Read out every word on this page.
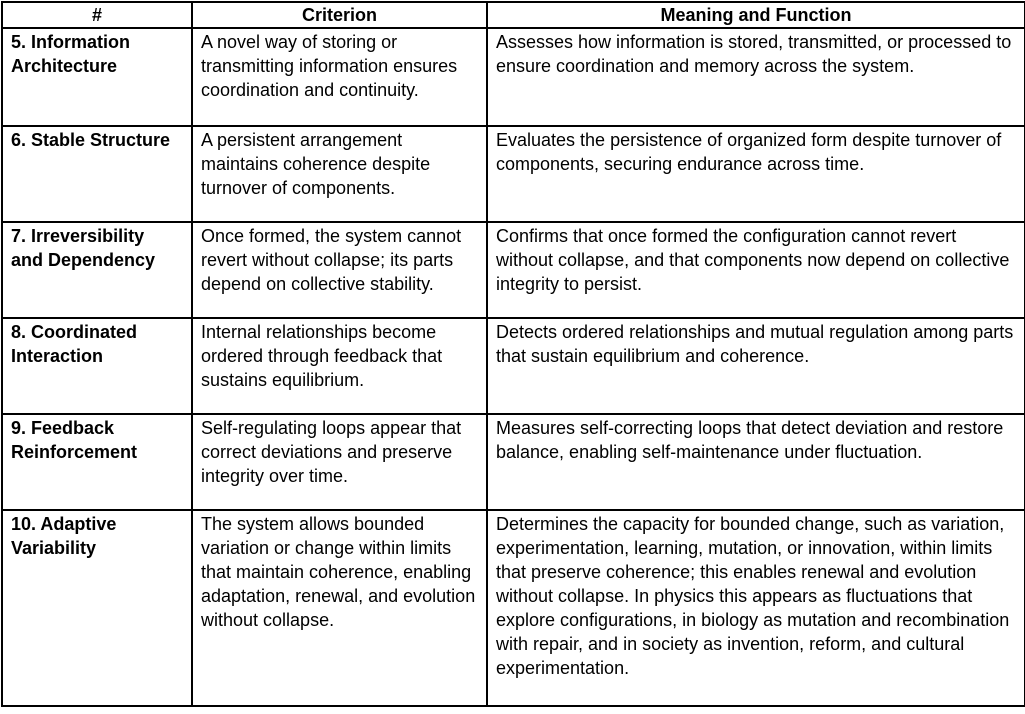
#	Criterion	Meaning and Function
5. Information Architecture	A novel way of storing or transmitting information ensures coordination and continuity.	Assesses how information is stored, transmitted, or processed to ensure coordination and memory across the system.
6. Stable Structure	A persistent arrangement maintains coherence despite turnover of components.	Evaluates the persistence of organized form despite turnover of components, securing endurance across time.
7. Irreversibility and Dependency	Once formed, the system cannot revert without collapse; its parts depend on collective stability.	Confirms that once formed the configuration cannot revert without collapse, and that components now depend on collective integrity to persist.
8. Coordinated Interaction	Internal relationships become ordered through feedback that sustains equilibrium.	Detects ordered relationships and mutual regulation among parts that sustain equilibrium and coherence.
9. Feedback Reinforcement	Self-regulating loops appear that correct deviations and preserve integrity over time.	Measures self-correcting loops that detect deviation and restore balance, enabling self-maintenance under fluctuation.
10. Adaptive Variability	The system allows bounded variation or change within limits that maintain coherence, enabling adaptation, renewal, and evolution without collapse.	Determines the capacity for bounded change, such as variation, experimentation, learning, mutation, or innovation, within limits that preserve coherence; this enables renewal and evolution without collapse. In physics this appears as fluctuations that explore configurations, in biology as mutation and recombination with repair, and in society as invention, reform, and cultural experimentation.
